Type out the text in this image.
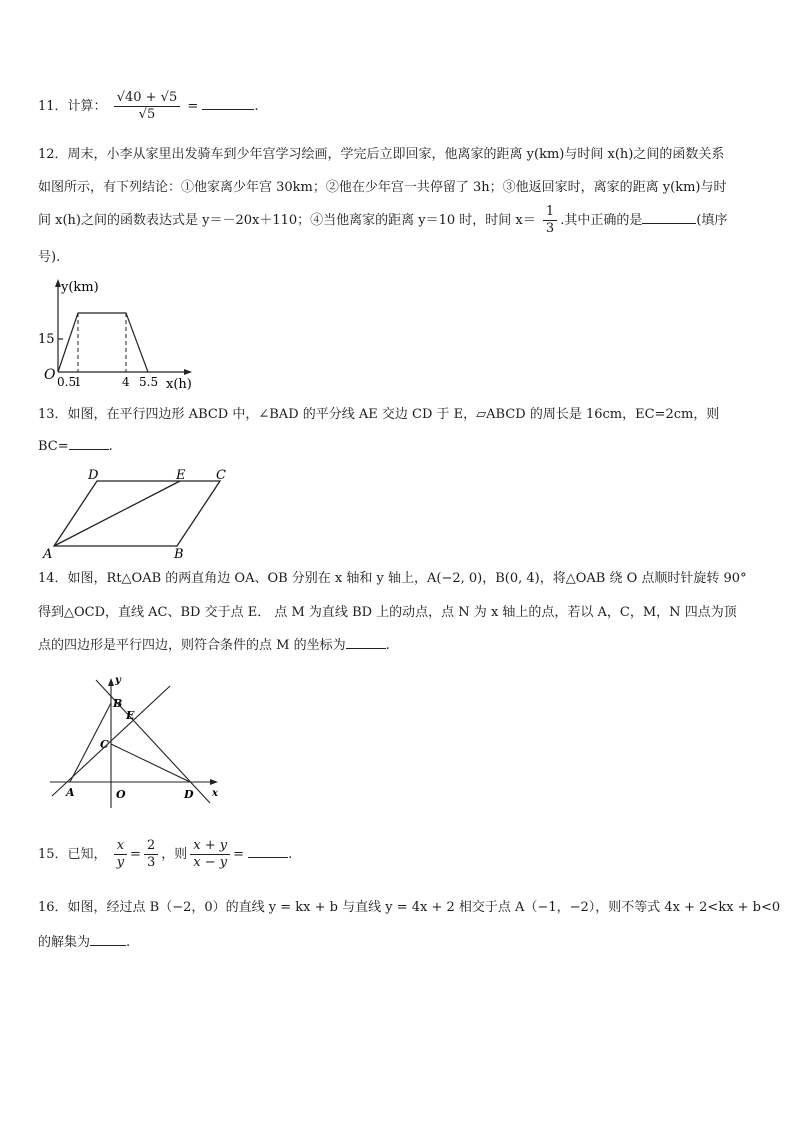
11．计算： $\frac{√40 + √5}{√5}$ =	.
12．周末，小李从家里出发骑车到少年宫学习绘画，学完后立即回家，他离家的距离 y(km)与时间 x(h)之间的函数关系
如图所示，有下列结论：①他家离少年宫 30km；②他在少年宫一共停留了 3h；③他返回家时，离家的距离 y(km)与时
间 x(h)之间的函数表达式是 y＝－20x＋110；④当他离家的距离 y＝10 时，时间 $x= \frac{1}{3}$ .其中正确的是	(填序
号).
y(km)
15
O 0.5
1	4 5.5 x(h)
13．如图，在平行四边形 ABCD 中，∠BAD 的平分线 AE 交边 CD 于 E，▱ABCD 的周长是 16cm，EC=2cm，则
BC=	.
D	E C
A	B
14．如图，Rt△OAB 的两直角边 OA、OB 分别在 x 轴和 y 轴上，A(−2, 0)，B(0, 4)，将△OAB 绕 O 点顺时针旋转 90°
得到△OCD，直线 AC、BD 交于点 E． 点 M 为直线 BD 上的动点，点 N 为 x 轴上的点，若以 A，C，M，N 四点为顶
点的四边形是平行四边，则符合条件的点 M 的坐标为	.
y
B
E
C
A	O	D x
15．已知， $\frac{x}{y} = \frac{2}{3}$ ，则 $\frac{x + y}{x - y}$ =	.
16．如图，经过点 B（−2，0）的直线 y = kx + b 与直线 y = 4x + 2 相交于点 A（−1，−2），则不等式 4x + 2<kx + b<0
的解集为	.
